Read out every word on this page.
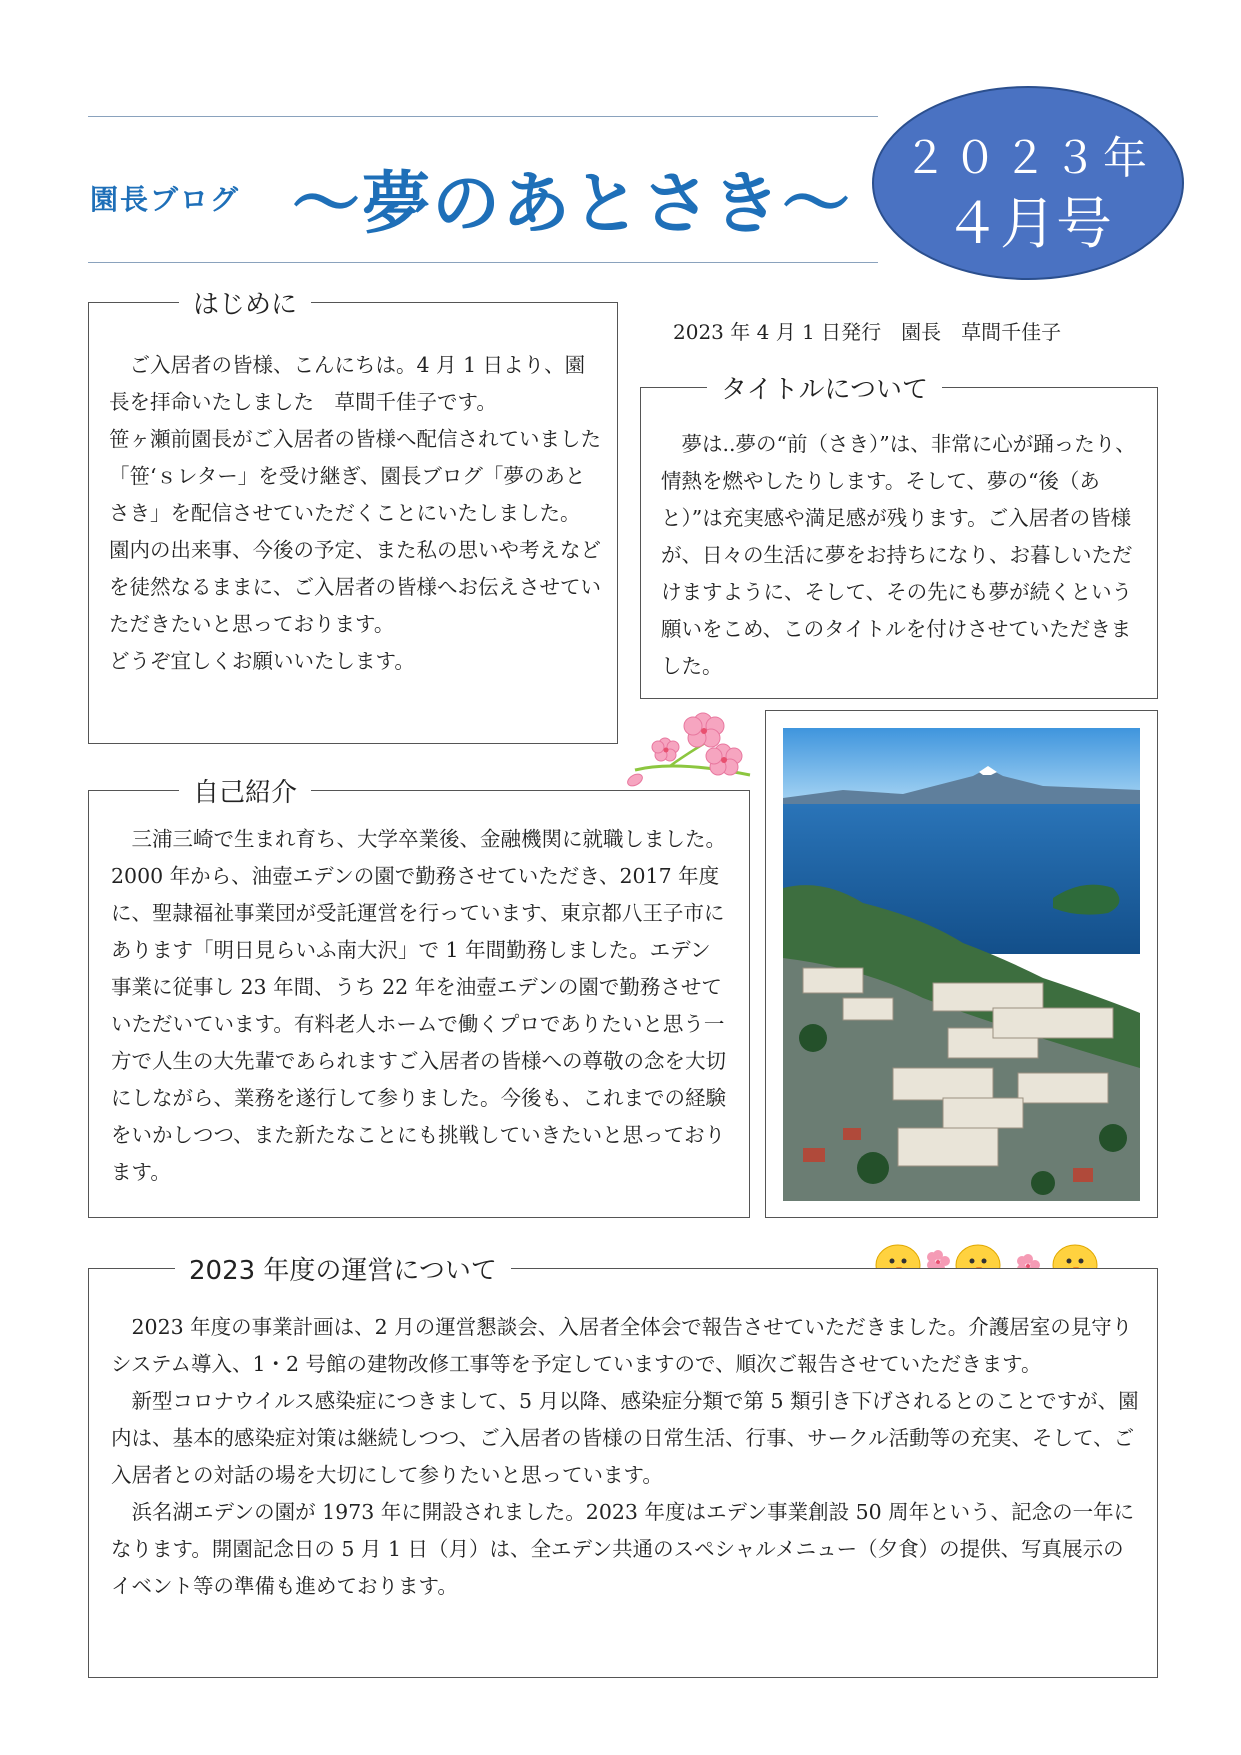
園長ブログ ～夢のあとさき～
２０２３年
４月号
はじめに

ご入居者の皆様、こんにちは。4 月 1 日より、園長を拝命いたしました　草間千佳子です。

笹ヶ瀬前園長がご入居者の皆様へ配信されていました「笹‘ｓレター」を受け継ぎ、園長ブログ「夢のあとさき」を配信させていただくことにいたしました。

園内の出来事、今後の予定、また私の思いや考えなどを徒然なるままに、ご入居者の皆様へお伝えさせていただきたいと思っております。

どうぞ宜しくお願いいたします。

2023 年 4 月 1 日発行　園長　草間千佳子
タイトルについて

夢は..夢の“前（さき）”は、非常に心が踊ったり、情熱を燃やしたりします。そして、夢の“後（あと）”は充実感や満足感が残ります。ご入居者の皆様が、日々の生活に夢をお持ちになり、お暮しいただけますように、そして、その先にも夢が続くという願いをこめ、このタイトルを付けさせていただきました。

自己紹介

三浦三崎で生まれ育ち、大学卒業後、金融機関に就職しました。2000 年から、油壺エデンの園で勤務させていただき、2017 年度に、聖隷福祉事業団が受託運営を行っています、東京都八王子市にあります「明日見らいふ南大沢」で 1 年間勤務しました。エデン事業に従事し 23 年間、うち 22 年を油壺エデンの園で勤務させていただいています。有料老人ホームで働くプロでありたいと思う一方で人生の大先輩であられますご入居者の皆様への尊敬の念を大切にしながら、業務を遂行して参りました。今後も、これまでの経験をいかしつつ、また新たなことにも挑戦していきたいと思っております。

2023 年度の運営について

2023 年度の事業計画は、2 月の運営懇談会、入居者全体会で報告させていただきました。介護居室の見守りシステム導入、1・2 号館の建物改修工事等を予定していますので、順次ご報告させていただきます。

新型コロナウイルス感染症につきまして、5 月以降、感染症分類で第 5 類引き下げされるとのことですが、園内は、基本的感染症対策は継続しつつ、ご入居者の皆様の日常生活、行事、サークル活動等の充実、そして、ご入居者との対話の場を大切にして参りたいと思っています。

浜名湖エデンの園が 1973 年に開設されました。2023 年度はエデン事業創設 50 周年という、記念の一年になります。開園記念日の 5 月 1 日（月）は、全エデン共通のスペシャルメニュー（夕食）の提供、写真展示のイベント等の準備も進めております。
